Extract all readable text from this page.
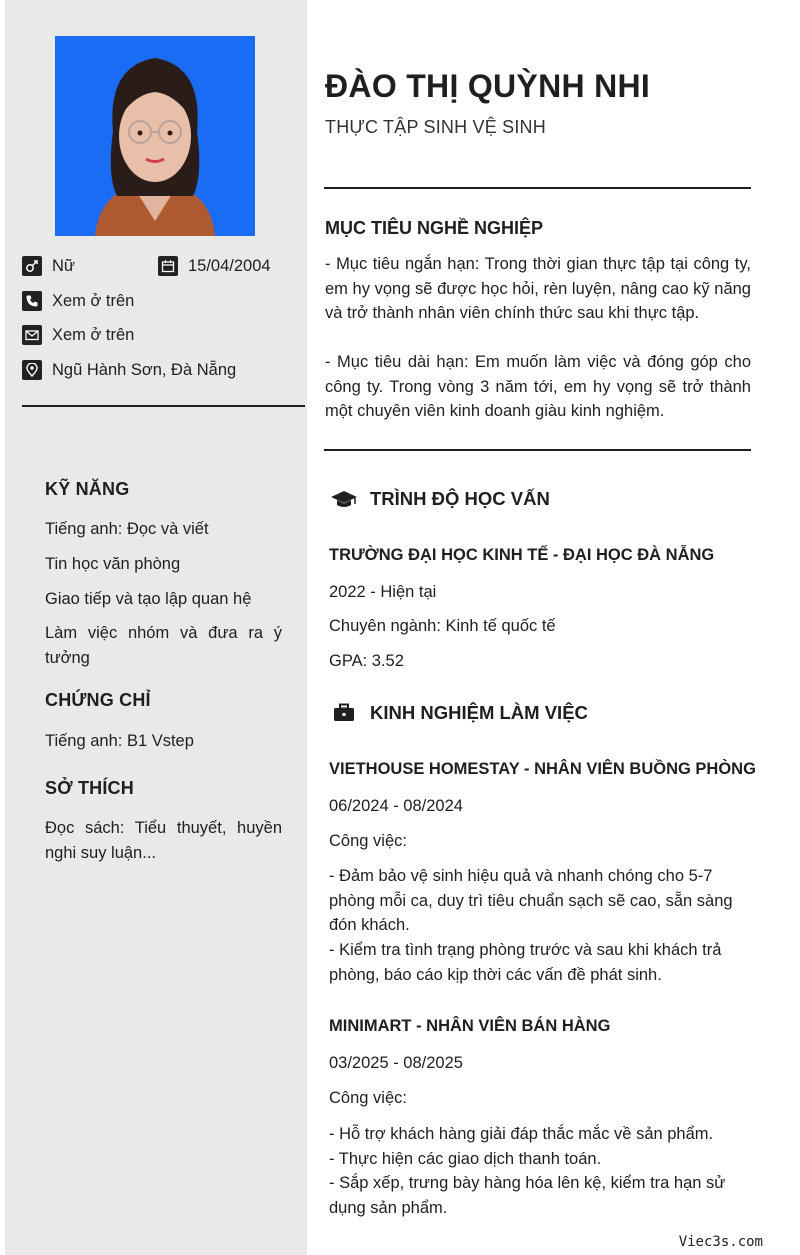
Nữ	15/04/2004
Xem ở trên
Xem ở trên
Ngũ Hành Sơn, Đà Nẵng
KỸ NĂNG
Tiếng anh: Đọc và viết
Tin học văn phòng
Giao tiếp và tạo lập quan hệ
Làm việc nhóm và đưa ra ý tưởng
CHỨNG CHỈ
Tiếng anh: B1 Vstep
SỞ THÍCH
Đọc sách: Tiểu thuyết, huyền nghi suy luận...
ĐÀO THỊ QUỲNH NHI
THỰC TẬP SINH VỆ SINH
MỤC TIÊU NGHỀ NGHIỆP
- Mục tiêu ngắn hạn: Trong thời gian thực tập tại công ty, em hy vọng sẽ được học hỏi, rèn luyện, nâng cao kỹ năng và trở thành nhân viên chính thức sau khi thực tập.
- Mục tiêu dài hạn: Em muốn làm việc và đóng góp cho công ty. Trong vòng 3 năm tới, em hy vọng sẽ trở thành một chuyên viên kinh doanh giàu kinh nghiệm.
TRÌNH ĐỘ HỌC VẤN
TRƯỜNG ĐẠI HỌC KINH TẾ - ĐẠI HỌC ĐÀ NẴNG
2022 - Hiện tại
Chuyên ngành: Kinh tế quốc tế
GPA: 3.52
KINH NGHIỆM LÀM VIỆC
VIETHOUSE HOMESTAY - NHÂN VIÊN BUỒNG PHÒNG
06/2024 - 08/2024
Công việc:
- Đảm bảo vệ sinh hiệu quả và nhanh chóng cho 5-7 phòng mỗi ca, duy trì tiêu chuẩn sạch sẽ cao, sẵn sàng đón khách.
- Kiểm tra tình trạng phòng trước và sau khi khách trả phòng, báo cáo kịp thời các vấn đề phát sinh.
MINIMART - NHÂN VIÊN BÁN HÀNG
03/2025 - 08/2025
Công việc:
- Hỗ trợ khách hàng giải đáp thắc mắc về sản phẩm.
- Thực hiện các giao dịch thanh toán.
- Sắp xếp, trưng bày hàng hóa lên kệ, kiểm tra hạn sử dụng sản phẩm.
Viec3s.com
